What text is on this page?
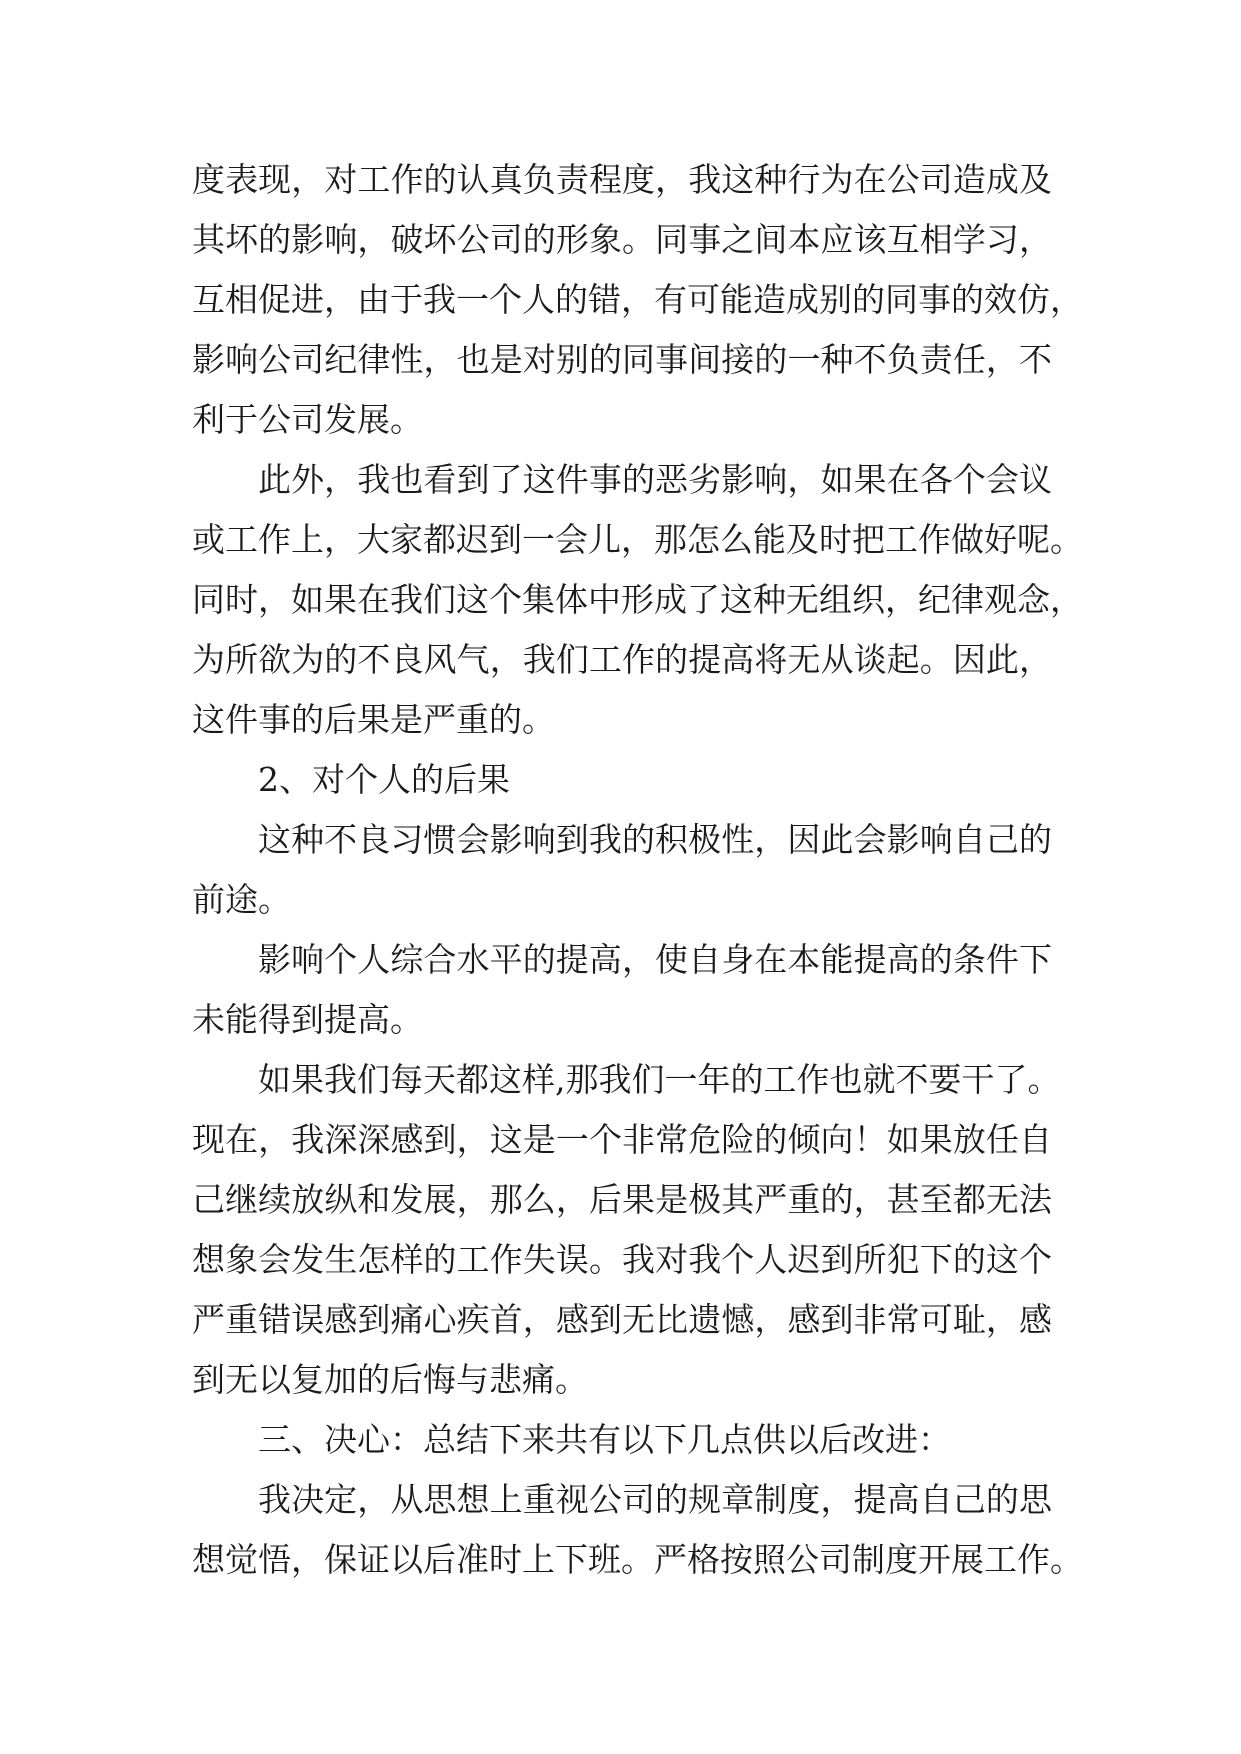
度表现，对工作的认真负责程度，我这种行为在公司造成及
其坏的影响，破坏公司的形象。同事之间本应该互相学习，
互相促进，由于我一个人的错，有可能造成别的同事的效仿，
影响公司纪律性，也是对别的同事间接的一种不负责任，不
利于公司发展。
此外，我也看到了这件事的恶劣影响，如果在各个会议
或工作上，大家都迟到一会儿，那怎么能及时把工作做好呢。
同时，如果在我们这个集体中形成了这种无组织，纪律观念，
为所欲为的不良风气，我们工作的提高将无从谈起。因此，
这件事的后果是严重的。
2、对个人的后果
这种不良习惯会影响到我的积极性，因此会影响自己的
前途。
影响个人综合水平的提高，使自身在本能提高的条件下
未能得到提高。
如果我们每天都这样,那我们一年的工作也就不要干了。
现在，我深深感到，这是一个非常危险的倾向！如果放任自
己继续放纵和发展，那么，后果是极其严重的，甚至都无法
想象会发生怎样的工作失误。我对我个人迟到所犯下的这个
严重错误感到痛心疾首，感到无比遗憾，感到非常可耻，感
到无以复加的后悔与悲痛。
三、决心：总结下来共有以下几点供以后改进：
我决定，从思想上重视公司的规章制度，提高自己的思
想觉悟，保证以后准时上下班。严格按照公司制度开展工作。
